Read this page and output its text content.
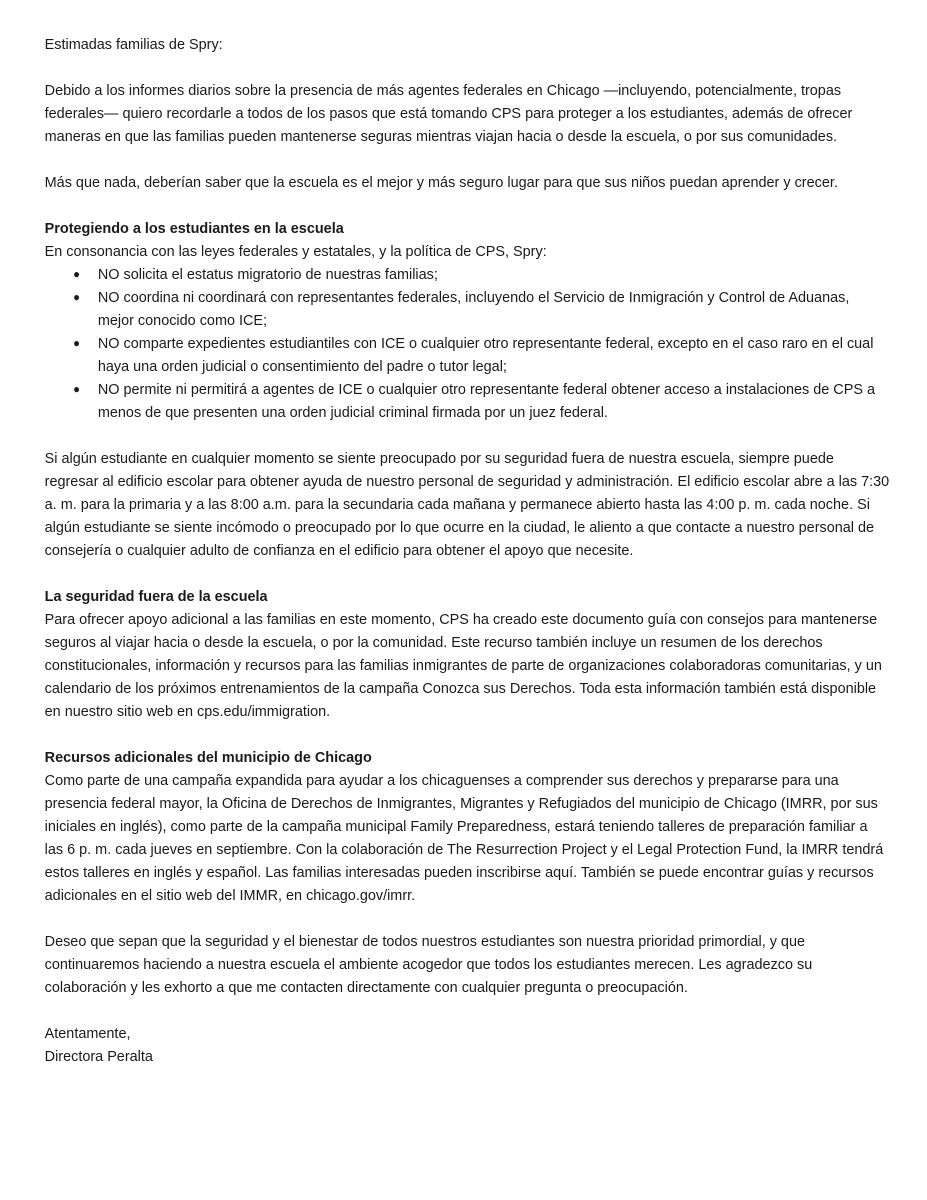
Estimadas familias de Spry:

Debido a los informes diarios sobre la presencia de más agentes federales en Chicago —incluyendo, potencialmente, tropas federales— quiero recordarle a todos de los pasos que está tomando CPS para proteger a los estudiantes, además de ofrecer maneras en que las familias pueden mantenerse seguras mientras viajan hacia o desde la escuela, o por sus comunidades.

Más que nada, deberían saber que la escuela es el mejor y más seguro lugar para que sus niños puedan aprender y crecer.

Protegiendo a los estudiantes en la escuela
En consonancia con las leyes federales y estatales, y la política de CPS, Spry:
● NO solicita el estatus migratorio de nuestras familias;
● NO coordina ni coordinará con representantes federales, incluyendo el Servicio de Inmigración y Control de Aduanas, mejor conocido como ICE;
● NO comparte expedientes estudiantiles con ICE o cualquier otro representante federal, excepto en el caso raro en el cual haya una orden judicial o consentimiento del padre o tutor legal;
● NO permite ni permitirá a agentes de ICE o cualquier otro representante federal obtener acceso a instalaciones de CPS a menos de que presenten una orden judicial criminal firmada por un juez federal.

Si algún estudiante en cualquier momento se siente preocupado por su seguridad fuera de nuestra escuela, siempre puede regresar al edificio escolar para obtener ayuda de nuestro personal de seguridad y administración. El edificio escolar abre a las 7:30 a. m. para la primaria y a las 8:00 a.m. para la secundaria cada mañana y permanece abierto hasta las 4:00 p. m. cada noche. Si algún estudiante se siente incómodo o preocupado por lo que ocurre en la ciudad, le aliento a que contacte a nuestro personal de consejería o cualquier adulto de confianza en el edificio para obtener el apoyo que necesite.

La seguridad fuera de la escuela

Para ofrecer apoyo adicional a las familias en este momento, CPS ha creado este documento guía con consejos para mantenerse seguros al viajar hacia o desde la escuela, o por la comunidad. Este recurso también incluye un resumen de los derechos constitucionales, información y recursos para las familias inmigrantes de parte de organizaciones colaboradoras comunitarias, y un calendario de los próximos entrenamientos de la campaña Conozca sus Derechos. Toda esta información también está disponible en nuestro sitio web en cps.edu/immigration.

Recursos adicionales del municipio de Chicago

Como parte de una campaña expandida para ayudar a los chicaguenses a comprender sus derechos y prepararse para una presencia federal mayor, la Oficina de Derechos de Inmigrantes, Migrantes y Refugiados del municipio de Chicago (IMRR, por sus iniciales en inglés), como parte de la campaña municipal Family Preparedness, estará teniendo talleres de preparación familiar a las 6 p. m. cada jueves en septiembre. Con la colaboración de The Resurrection Project y el Legal Protection Fund, la IMRR tendrá estos talleres en inglés y español. Las familias interesadas pueden inscribirse aquí. También se puede encontrar guías y recursos adicionales en el sitio web del IMMR, en chicago.gov/imrr.

Deseo que sepan que la seguridad y el bienestar de todos nuestros estudiantes son nuestra prioridad primordial, y que continuaremos haciendo a nuestra escuela el ambiente acogedor que todos los estudiantes merecen. Les agradezco su colaboración y les exhorto a que me contacten directamente con cualquier pregunta o preocupación.

Atentamente,

Directora Peralta
